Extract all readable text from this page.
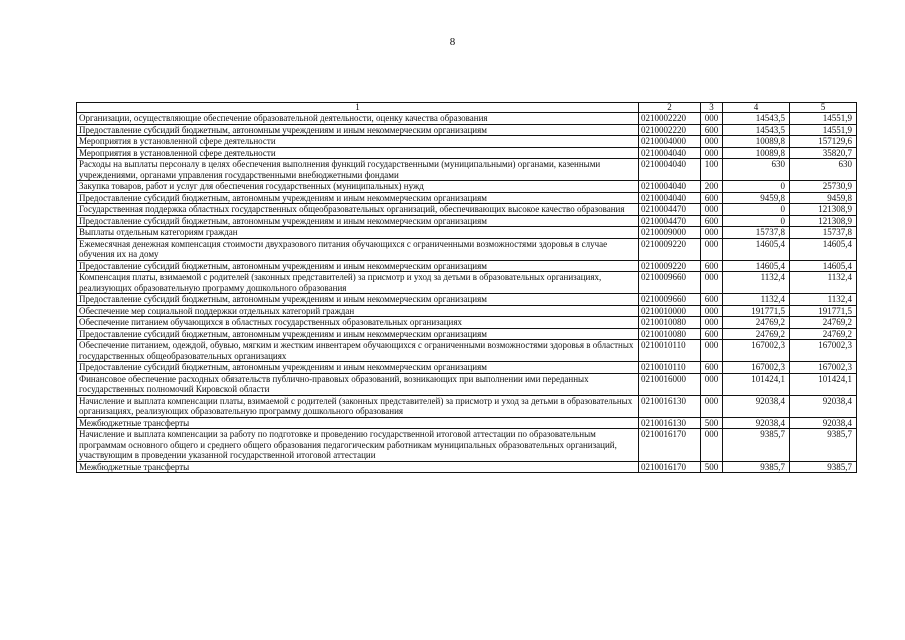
8
1	2	3	4	5
Организации, осуществляющие обеспечение образовательной деятельности, оценку качества образования	0210002220	000	14543,5	14551,9
Предоставление субсидий бюджетным, автономным учреждениям и иным некоммерческим организациям	0210002220	600	14543,5	14551,9
Мероприятия в установленной сфере деятельности	0210004000	000	10089,8	157129,6
Мероприятия в установленной сфере деятельности	0210004040	000	10089,8	35820,7
Расходы на выплаты персоналу в целях обеспечения выполнения функций государственными (муниципальными) органами, казенными учреждениями, органами управления государственными внебюджетными фондами	0210004040	100	630	630
Закупка товаров, работ и услуг для обеспечения государственных (муниципальных) нужд	0210004040	200	0	25730,9
Предоставление субсидий бюджетным, автономным учреждениям и иным некоммерческим организациям	0210004040	600	9459,8	9459,8
Государственная поддержка областных государственных общеобразовательных организаций, обеспечивающих высокое качество образования	0210004470	000	0	121308,9
Предоставление субсидий бюджетным, автономным учреждениям и иным некоммерческим организациям	0210004470	600	0	121308,9
Выплаты отдельным категориям граждан	0210009000	000	15737,8	15737,8
Ежемесячная денежная компенсация стоимости двухразового питания обучающихся с ограниченными возможностями здоровья в случае обучения их на дому	0210009220	000	14605,4	14605,4
Предоставление субсидий бюджетным, автономным учреждениям и иным некоммерческим организациям	0210009220	600	14605,4	14605,4
Компенсация платы, взимаемой с родителей (законных представителей) за присмотр и уход за детьми в образовательных организациях, реализующих образовательную программу дошкольного образования	0210009660	000	1132,4	1132,4
Предоставление субсидий бюджетным, автономным учреждениям и иным некоммерческим организациям	0210009660	600	1132,4	1132,4
Обеспечение мер социальной поддержки отдельных категорий граждан	0210010000	000	191771,5	191771,5
Обеспечение питанием обучающихся в областных государственных образовательных организациях	0210010080	000	24769,2	24769,2
Предоставление субсидий бюджетным, автономным учреждениям и иным некоммерческим организациям	0210010080	600	24769,2	24769,2
Обеспечение питанием, одеждой, обувью, мягким и жестким инвентарем обучающихся с ограниченными возможностями здоровья в областных государственных общеобразовательных организациях	0210010110	000	167002,3	167002,3
Предоставление субсидий бюджетным, автономным учреждениям и иным некоммерческим организациям	0210010110	600	167002,3	167002,3
Финансовое обеспечение расходных обязательств публично-правовых образований, возникающих при выполнении ими переданных государственных полномочий Кировской области	0210016000	000	101424,1	101424,1
Начисление и выплата компенсации платы, взимаемой с родителей (законных представителей) за присмотр и уход за детьми в образовательных организациях, реализующих образовательную программу дошкольного образования	0210016130	000	92038,4	92038,4
Межбюджетные трансферты	0210016130	500	92038,4	92038,4
Начисление и выплата компенсации за работу по подготовке и проведению государственной итоговой аттестации по образовательным программам основного общего и среднего общего образования педагогическим работникам муниципальных образовательных организаций, участвующим в проведении указанной государственной итоговой аттестации	0210016170	000	9385,7	9385,7
Межбюджетные трансферты	0210016170	500	9385,7	9385,7
